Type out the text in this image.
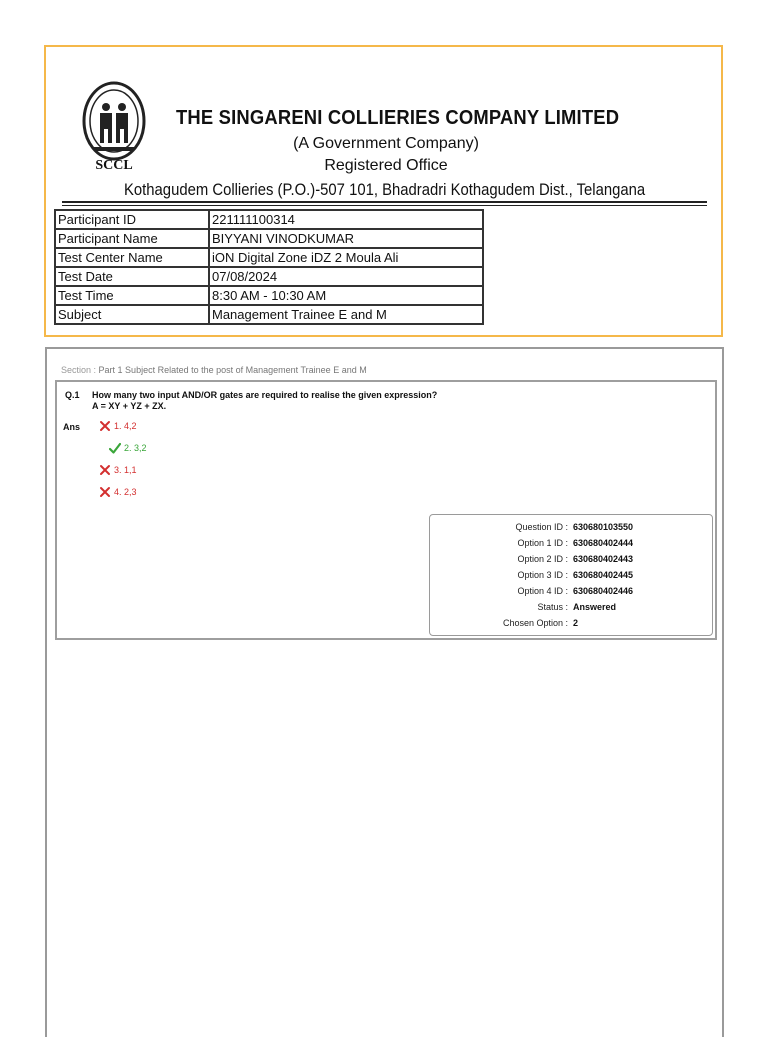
SCCL
THE SINGARENI COLLIERIES COMPANY LIMITED
(A Government Company)
Registered Office
Kothagudem Collieries (P.O.)-507 101, Bhadradri Kothagudem Dist., Telangana
Participant ID	221111100314
Participant Name	BIYYANI VINODKUMAR
Test Center Name	iON Digital Zone iDZ 2 Moula Ali
Test Date	07/08/2024
Test Time	8:30 AM - 10:30 AM
Subject	Management Trainee E and M
Section : Part 1 Subject Related to the post of Management Trainee E and M
Q.1 How many two input AND/OR gates are required to realise the given expression?
A = XY + YZ + ZX.
Ans	1. 4,2
2. 3,2
3. 1,1
4. 2,3
Question ID : 630680103550
Option 1 ID : 630680402444
Option 2 ID : 630680402443
Option 3 ID : 630680402445
Option 4 ID : 630680402446
Status : Answered
Chosen Option : 2
